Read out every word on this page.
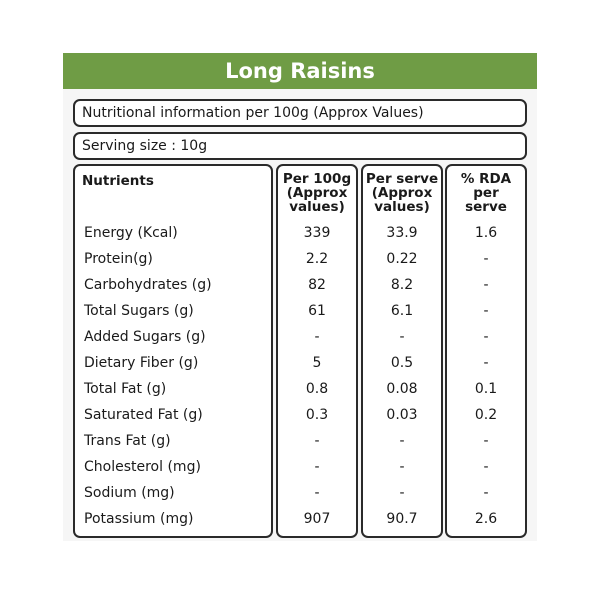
Long Raisins
Nutritional information per 100g (Approx Values)
Serving size : 10g
Nutrients
Energy (Kcal)
Protein(g)
Carbohydrates (g)
Total Sugars (g)
Added Sugars (g)
Dietary Fiber (g)
Total Fat (g)
Saturated Fat (g)
Trans Fat (g)
Cholesterol (mg)
Sodium (mg)
Potassium (mg)
Per 100g
(Approx
values)
339
2.2
82
61
-
5
0.8
0.3
-
-
-
907
Per serve
(Approx
values)
33.9
0.22
8.2
6.1
-
0.5
0.08
0.03
-
-
-
90.7
% RDA
per
serve
1.6
-
-
-
-
-
0.1
0.2
-
-
-
2.6
